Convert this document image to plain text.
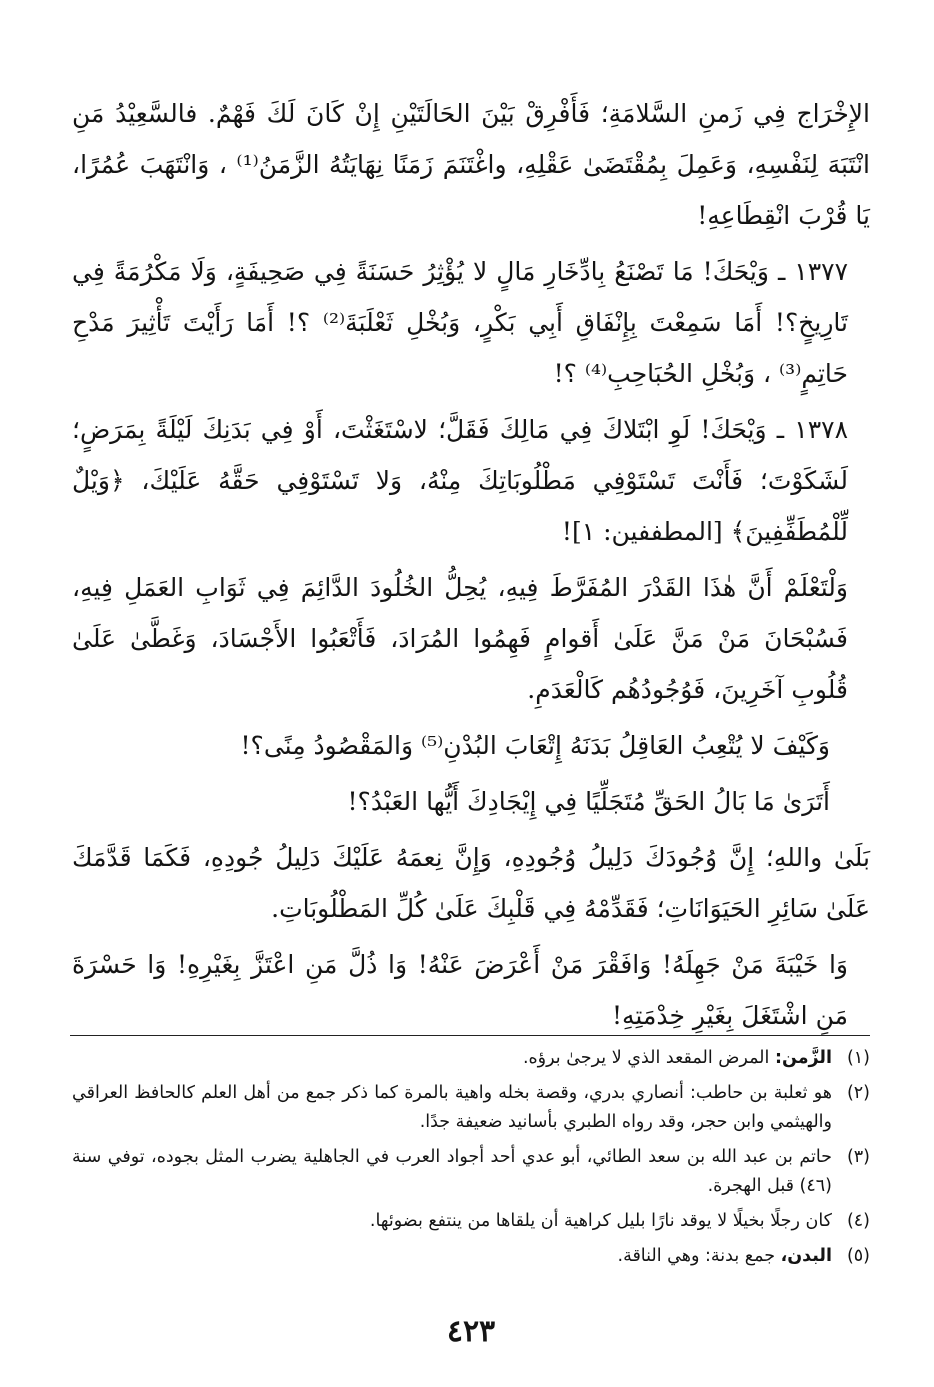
الإِخْرَاج فِي زَمنِ السَّلامَةِ؛ فَأَفْرِقْ بَيْنَ الحَالَتَيْنِ إِنْ كَانَ لَكَ فَهْمٌ. فالسَّعِيْدُ مَنِ انْتَبَهَ لِنَفْسِهِ، وَعَمِلَ بِمُقْتَضَىٰ عَقْلِهِ، واغْتَنَمَ زَمَنًا نِهَايَتُهُ الزَّمَنُ⁽¹⁾ ، وَانْتَهَبَ عُمُرًا، يَا قُرْبَ انْقِطَاعِهِ!

١٣٧٧ ـ وَيْحَكَ! مَا تَصْنَعُ بِادِّخَارِ مَالٍ لا يُؤْثِرُ حَسَنَةً فِي صَحِيفَةٍ، وَلَا مَكْرُمَةً فِي تَارِيخٍ؟! أَمَا سَمِعْتَ بِإِنْفَاقِ أَبِي بَكْرٍ، وَبُخْلِ ثَعْلَبَةَ⁽²⁾ ؟! أَمَا رَأَيْتَ تَأْثِيرَ مَدْحِ حَاتِمٍ⁽³⁾ ، وَبُخْلِ الحُبَاحِبِ⁽⁴⁾ ؟!

١٣٧٨ ـ وَيْحَكَ! لَوِ ابْتَلاكَ فِي مَالِكَ فَقَلَّ؛ لاسْتَغَثْتَ، أَوْ فِي بَدَنِكَ لَيْلَةً بِمَرَضٍ؛ لَشَكَوْتَ؛ فَأَنْتَ تَسْتَوْفِي مَطْلُوبَاتِكَ مِنْهُ، وَلا تَسْتَوْفِي حَقَّهُ عَلَيْكَ، ﴿وَيْلٌ لِّلْمُطَفِّفِينَ﴾ [المطففين: ١]!

وَلْتَعْلَمْ أَنَّ هٰذَا القَدْرَ المُفَرَّطَ فِيهِ، يُحِلُّ الخُلُودَ الدَّائِمَ فِي ثَوَابِ العَمَلِ فِيهِ، فَسُبْحَانَ مَنْ مَنَّ عَلَىٰ أَقوامٍ فَهِمُوا المُرَادَ، فَأَتْعَبُوا الأَجْسَادَ، وَغَطَّىٰ عَلَىٰ قُلُوبِ آخَرِينَ، فَوُجُودُهُم كَالْعَدَمِ.

وَكَيْفَ لا يُتْعِبُ العَاقِلُ بَدَنَهُ إِتْعَابَ البُدْنِ⁽⁵⁾ وَالمَقْصُودُ مِنًى؟!

أَتَرَىٰ مَا بَالُ الحَقِّ مُتَجَلِّيًا فِي إِيْجَادِكَ أَيُّها العَبْدُ؟!

بَلَىٰ واللهِ؛ إِنَّ وُجُودَكَ دَلِيلُ وُجُودِهِ، وَإِنَّ نِعمَهُ عَلَيْكَ دَلِيلُ جُودِهِ، فَكَمَا قَدَّمَكَ عَلَىٰ سَائِرِ الحَيَوَانَاتِ؛ فَقَدِّمْهُ فِي قَلْبِكَ عَلَىٰ كُلِّ المَطْلُوبَاتِ.

وَا خَيْبَةَ مَنْ جَهِلَهُ! وَافَقْرَ مَنْ أَعْرَضَ عَنْهُ! وَا ذُلَّ مَنِ اعْتَزَّ بِغَيْرِهِ! وَا حَسْرَةَ مَنِ اشْتَغَلَ بِغَيْرِ خِدْمَتِهِ!

(١)
الزَّمن: المرض المقعد الذي لا يرجىٰ برؤه.
(٢)
هو ثعلبة بن حاطب: أنصاري بدري، وقصة بخله واهية بالمرة كما ذكر جمع من أهل العلم كالحافظ العراقي والهيثمي وابن حجر، وقد رواه الطبري بأسانيد ضعيفة جدًا.
(٣)
حاتم بن عبد الله بن سعد الطائي، أبو عدي أحد أجواد العرب في الجاهلية يضرب المثل بجوده، توفي سنة (٤٦) قبل الهجرة.
(٤)
كان رجلًا بخيلًا لا يوقد نارًا بليل كراهية أن يلقاها من ينتفع بضوئها.
(٥)
البدن، جمع بدنة: وهي الناقة.
٤٢٣
